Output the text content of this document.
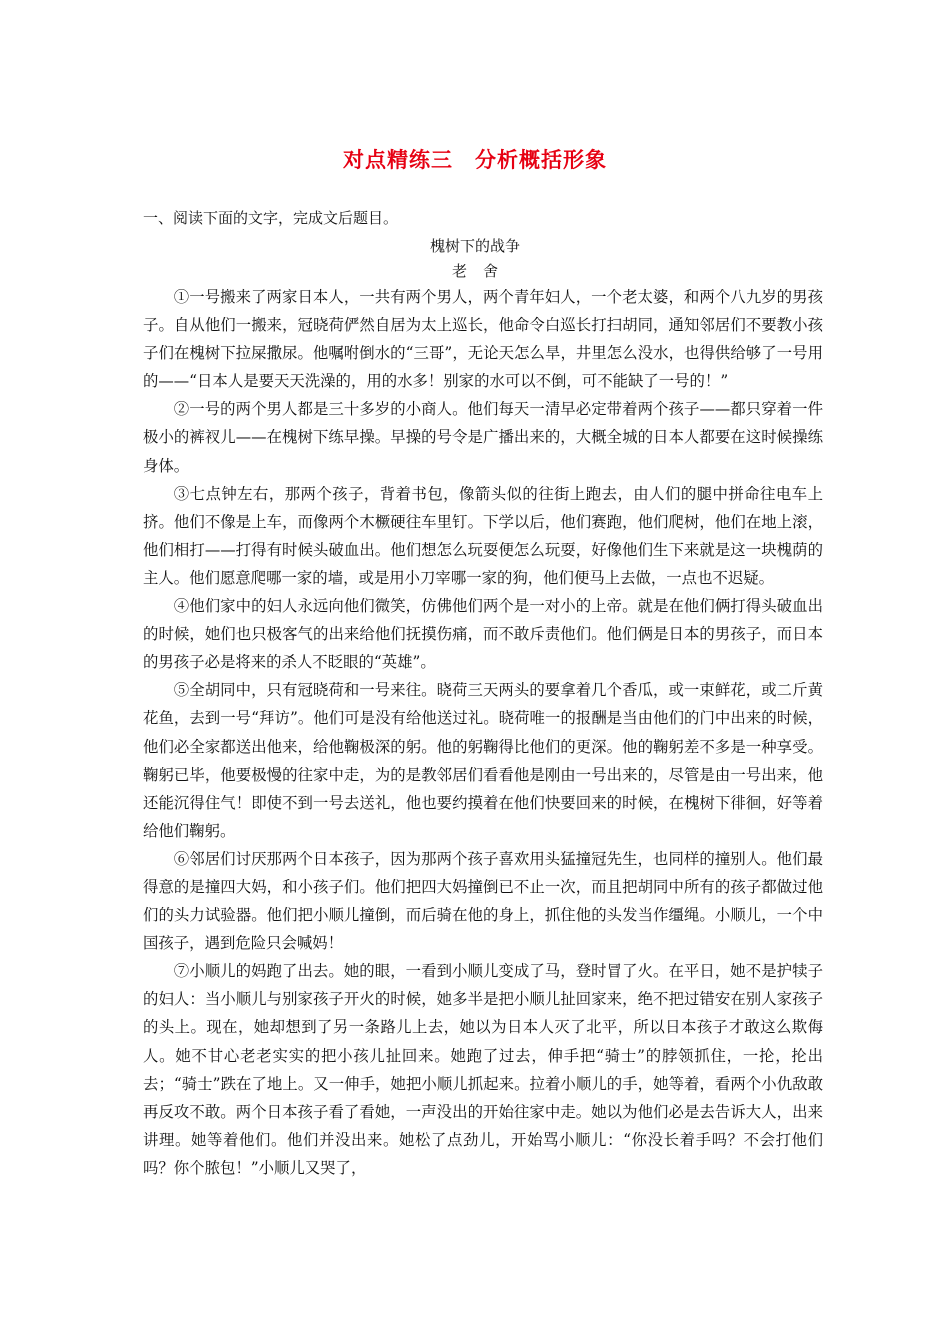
对点精练三 分析概括形象
一、阅读下面的文字，完成文后题目。
槐树下的战争
老舍

①一号搬来了两家日本人，一共有两个男人，两个青年妇人，一个老太婆，和两个八九岁的男孩子。自从他们一搬来，冠晓荷俨然自居为太上巡长，他命令白巡长打扫胡同，通知邻居们不要教小孩子们在槐树下拉屎撒尿。他嘱咐倒水的“三哥”，无论天怎么旱，井里怎么没水，也得供给够了一号用的——“日本人是要天天洗澡的，用的水多！别家的水可以不倒，可不能缺了一号的！”

②一号的两个男人都是三十多岁的小商人。他们每天一清早必定带着两个孩子——都只穿着一件极小的裤衩儿——在槐树下练早操。早操的号令是广播出来的，大概全城的日本人都要在这时候操练身体。

③七点钟左右，那两个孩子，背着书包，像箭头似的往街上跑去，由人们的腿中拼命往电车上挤。他们不像是上车，而像两个木橛硬往车里钉。下学以后，他们赛跑，他们爬树，他们在地上滚，他们相打——打得有时候头破血出。他们想怎么玩耍便怎么玩耍，好像他们生下来就是这一块槐荫的主人。他们愿意爬哪一家的墙，或是用小刀宰哪一家的狗，他们便马上去做，一点也不迟疑。

④他们家中的妇人永远向他们微笑，仿佛他们两个是一对小的上帝。就是在他们俩打得头破血出的时候，她们也只极客气的出来给他们抚摸伤痛，而不敢斥责他们。他们俩是日本的男孩子，而日本的男孩子必是将来的杀人不眨眼的“英雄”。

⑤全胡同中，只有冠晓荷和一号来往。晓荷三天两头的要拿着几个香瓜，或一束鲜花，或二斤黄花鱼，去到一号“拜访”。他们可是没有给他送过礼。晓荷唯一的报酬是当由他们的门中出来的时候，他们必全家都送出他来，给他鞠极深的躬。他的躬鞠得比他们的更深。他的鞠躬差不多是一种享受。鞠躬已毕，他要极慢的往家中走，为的是教邻居们看看他是刚由一号出来的，尽管是由一号出来，他还能沉得住气！即使不到一号去送礼，他也要约摸着在他们快要回来的时候，在槐树下徘徊，好等着给他们鞠躬。

⑥邻居们讨厌那两个日本孩子，因为那两个孩子喜欢用头猛撞冠先生，也同样的撞别人。他们最得意的是撞四大妈，和小孩子们。他们把四大妈撞倒已不止一次，而且把胡同中所有的孩子都做过他们的头力试验器。他们把小顺儿撞倒，而后骑在他的身上，抓住他的头发当作缰绳。小顺儿，一个中国孩子，遇到危险只会喊妈！

⑦小顺儿的妈跑了出去。她的眼，一看到小顺儿变成了马，登时冒了火。在平日，她不是护犊子的妇人：当小顺儿与别家孩子开火的时候，她多半是把小顺儿扯回家来，绝不把过错安在别人家孩子的头上。现在，她却想到了另一条路儿上去，她以为日本人灭了北平，所以日本孩子才敢这么欺侮人。她不甘心老老实实的把小孩儿扯回来。她跑了过去，伸手把“骑士”的脖领抓住，一抡，抡出去；“骑士”跌在了地上。又一伸手，她把小顺儿抓起来。拉着小顺儿的手，她等着，看两个小仇敌敢再反攻不敢。两个日本孩子看了看她，一声没出的开始往家中走。她以为他们必是去告诉大人，出来讲理。她等着他们。他们并没出来。她松了点劲儿，开始骂小顺儿：“你没长着手吗？不会打他们吗？你个脓包！”小顺儿又哭了，
